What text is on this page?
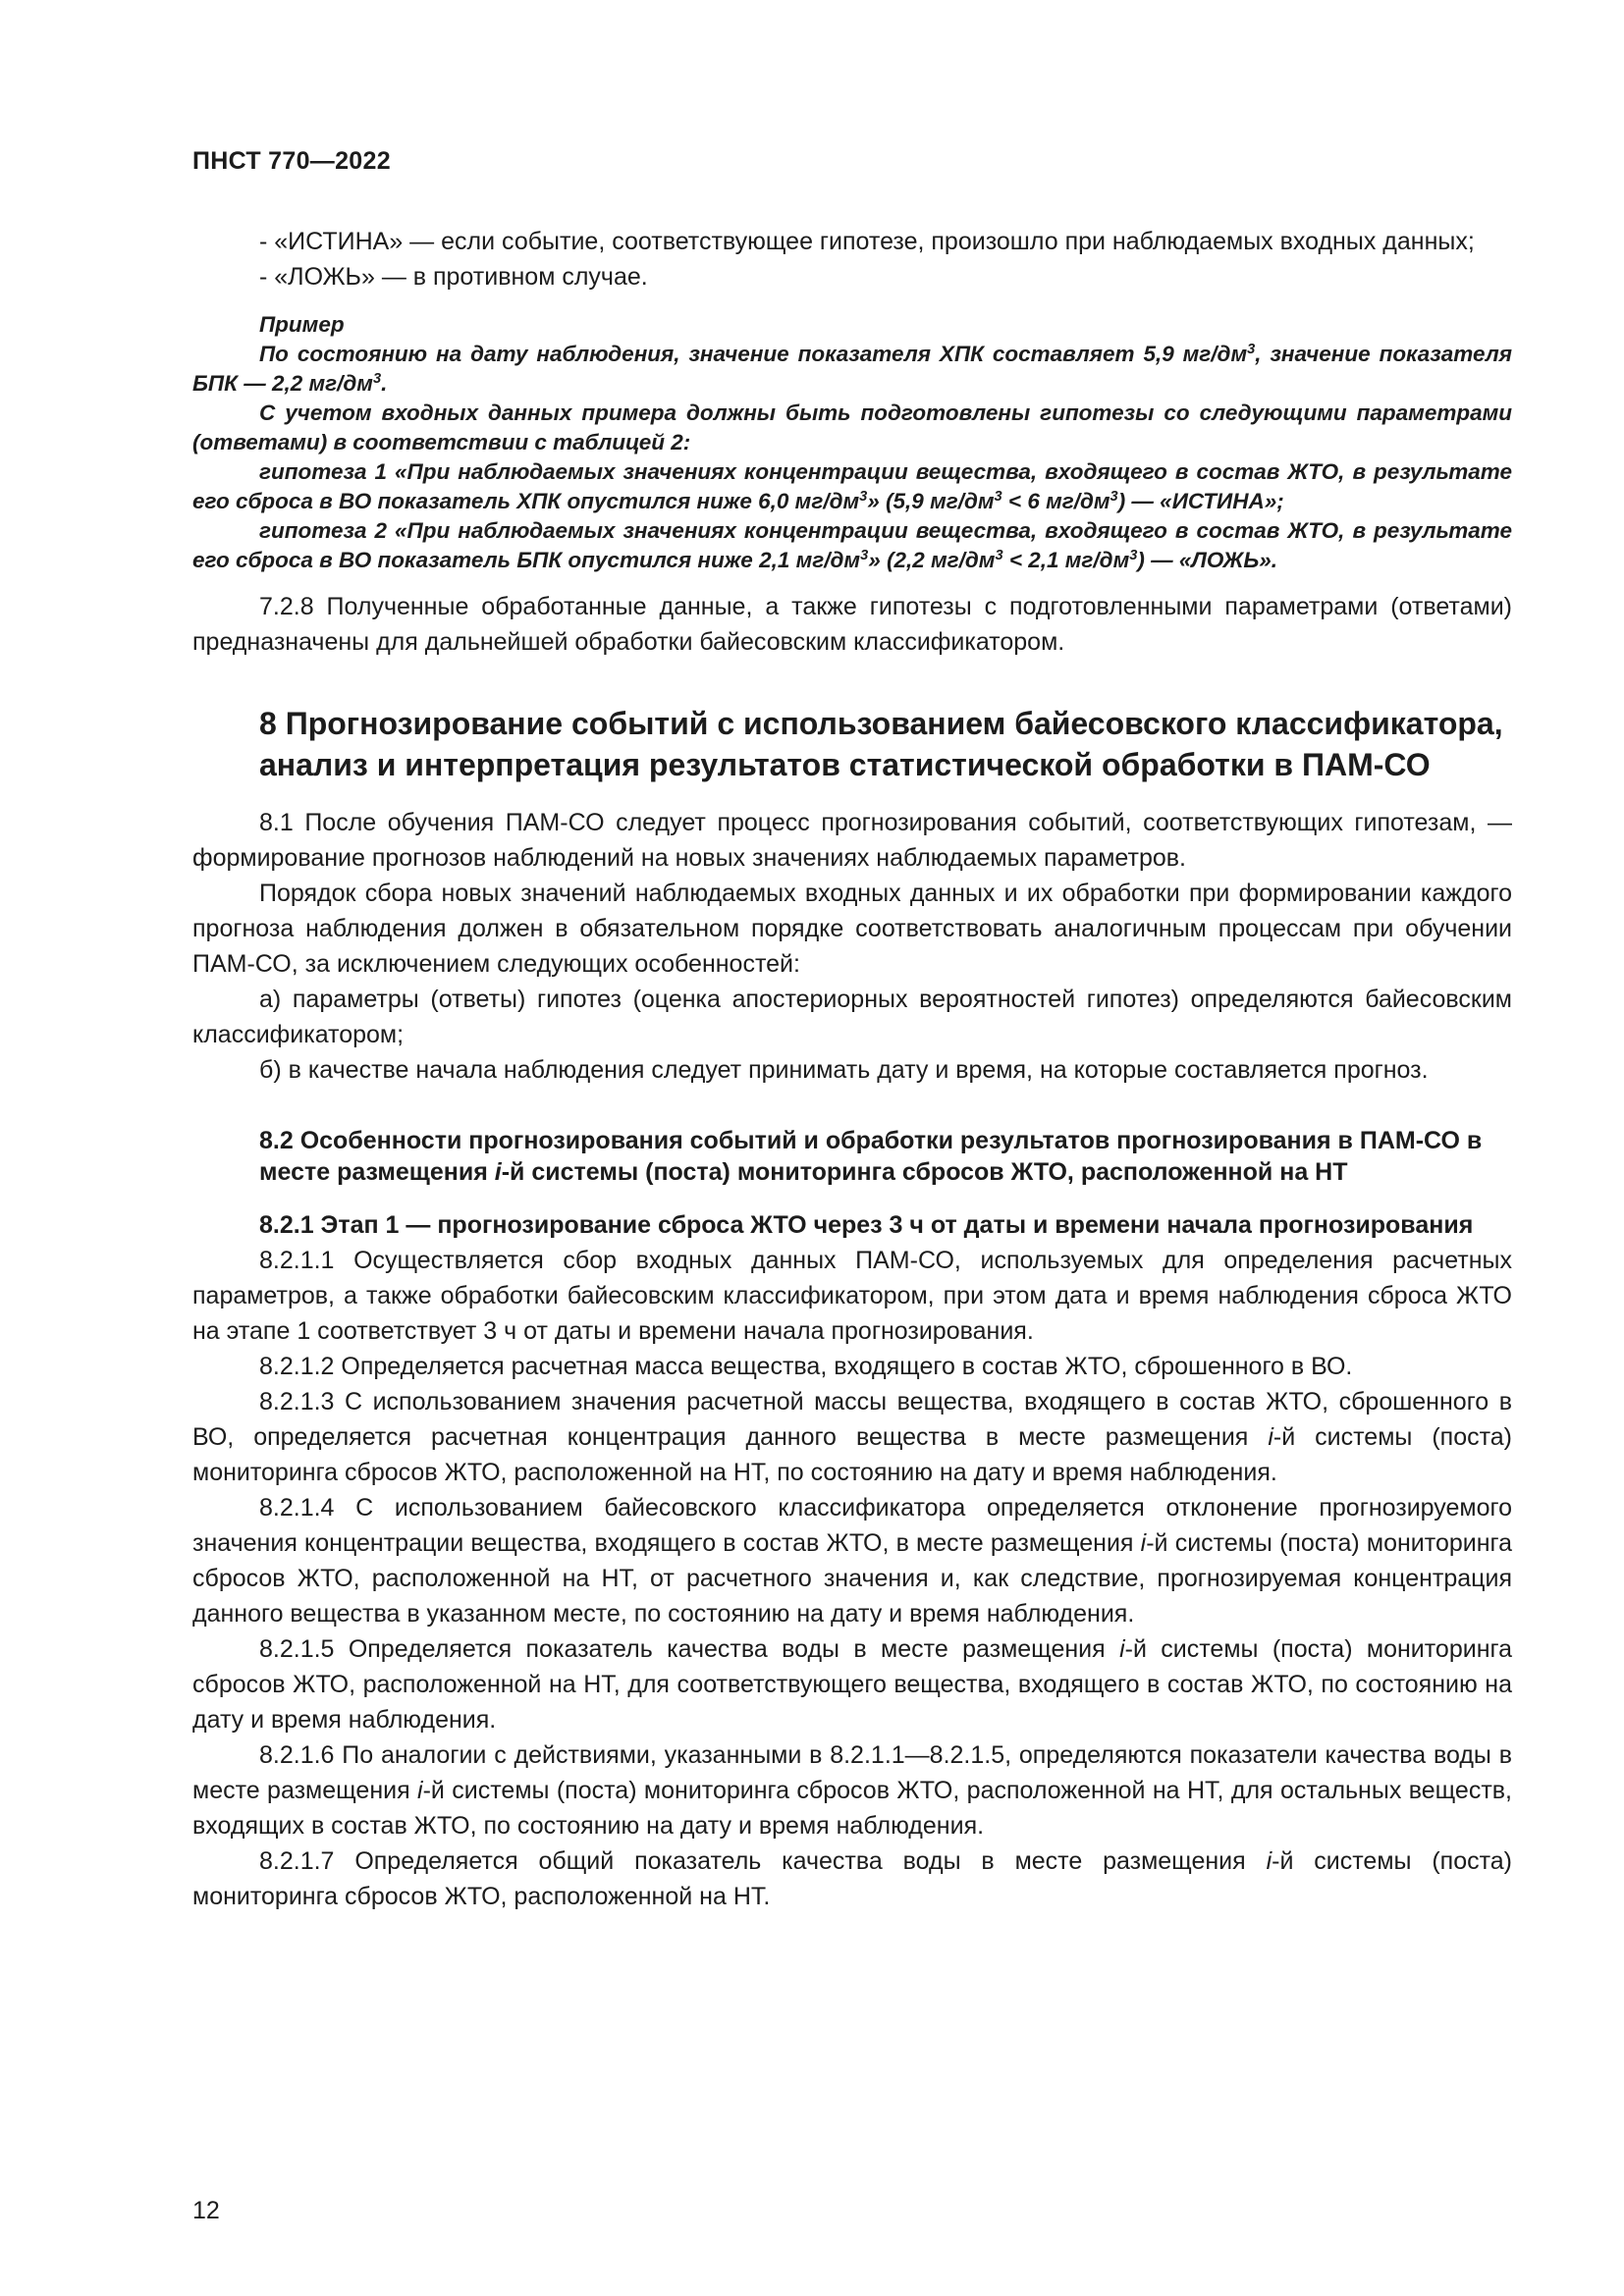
ПНСТ 770—2022

- «ИСТИНА» — если событие, соответствующее гипотезе, произошло при наблюдаемых входных данных;

- «ЛОЖЬ» — в противном случае.

Пример

По состоянию на дату наблюдения, значение показателя ХПК составляет 5,9 $мг/дм^3$, значение показателя БПК — 2,2 $мг/дм^3$.

С учетом входных данных примера должны быть подготовлены гипотезы со следующими параметрами (ответами) в соответствии с таблицей 2:

гипотеза 1 «При наблюдаемых значениях концентрации вещества, входящего в состав ЖТО, в результате его сброса в ВО показатель ХПК опустился ниже 6,0 $мг/дм^3$» (5,9 $мг/дм^3 < 6$ $мг/дм^3$) — «ИСТИНА»;

гипотеза 2 «При наблюдаемых значениях концентрации вещества, входящего в состав ЖТО, в результате его сброса в ВО показатель БПК опустился ниже 2,1 $мг/дм^3$» (2,2 $мг/дм^3 < 2,1$ $мг/дм^3$) — «ЛОЖЬ».

7.2.8 Полученные обработанные данные, а также гипотезы с подготовленными параметрами (ответами) предназначены для дальнейшей обработки байесовским классификатором.

8 Прогнозирование событий с использованием байесовского классификатора, анализ и интерпретация результатов статистической обработки в ПАМ-СО

8.1 После обучения ПАМ-СО следует процесс прогнозирования событий, соответствующих гипотезам, — формирование прогнозов наблюдений на новых значениях наблюдаемых параметров.

Порядок сбора новых значений наблюдаемых входных данных и их обработки при формировании каждого прогноза наблюдения должен в обязательном порядке соответствовать аналогичным процессам при обучении ПАМ-СО, за исключением следующих особенностей:

а) параметры (ответы) гипотез (оценка апостериорных вероятностей гипотез) определяются байесовским классификатором;

б) в качестве начала наблюдения следует принимать дату и время, на которые составляется прогноз.

8.2 Особенности прогнозирования событий и обработки результатов прогнозирования в ПАМ-СО в месте размещения i-й системы (поста) мониторинга сбросов ЖТО, расположенной на НТ

8.2.1 Этап 1 — прогнозирование сброса ЖТО через 3 ч от даты и времени начала прогнозирования

8.2.1.1 Осуществляется сбор входных данных ПАМ-СО, используемых для определения расчетных параметров, а также обработки байесовским классификатором, при этом дата и время наблюдения сброса ЖТО на этапе 1 соответствует 3 ч от даты и времени начала прогнозирования.

8.2.1.2 Определяется расчетная масса вещества, входящего в состав ЖТО, сброшенного в ВО.

8.2.1.3 С использованием значения расчетной массы вещества, входящего в состав ЖТО, сброшенного в ВО, определяется расчетная концентрация данного вещества в месте размещения i-й системы (поста) мониторинга сбросов ЖТО, расположенной на НТ, по состоянию на дату и время наблюдения.

8.2.1.4 С использованием байесовского классификатора определяется отклонение прогнозируемого значения концентрации вещества, входящего в состав ЖТО, в месте размещения i-й системы (поста) мониторинга сбросов ЖТО, расположенной на НТ, от расчетного значения и, как следствие, прогнозируемая концентрация данного вещества в указанном месте, по состоянию на дату и время наблюдения.

8.2.1.5 Определяется показатель качества воды в месте размещения i-й системы (поста) мониторинга сбросов ЖТО, расположенной на НТ, для соответствующего вещества, входящего в состав ЖТО, по состоянию на дату и время наблюдения.

8.2.1.6 По аналогии с действиями, указанными в 8.2.1.1—8.2.1.5, определяются показатели качества воды в месте размещения i-й системы (поста) мониторинга сбросов ЖТО, расположенной на НТ, для остальных веществ, входящих в состав ЖТО, по состоянию на дату и время наблюдения.

8.2.1.7 Определяется общий показатель качества воды в месте размещения i-й системы (поста) мониторинга сбросов ЖТО, расположенной на НТ.

12
